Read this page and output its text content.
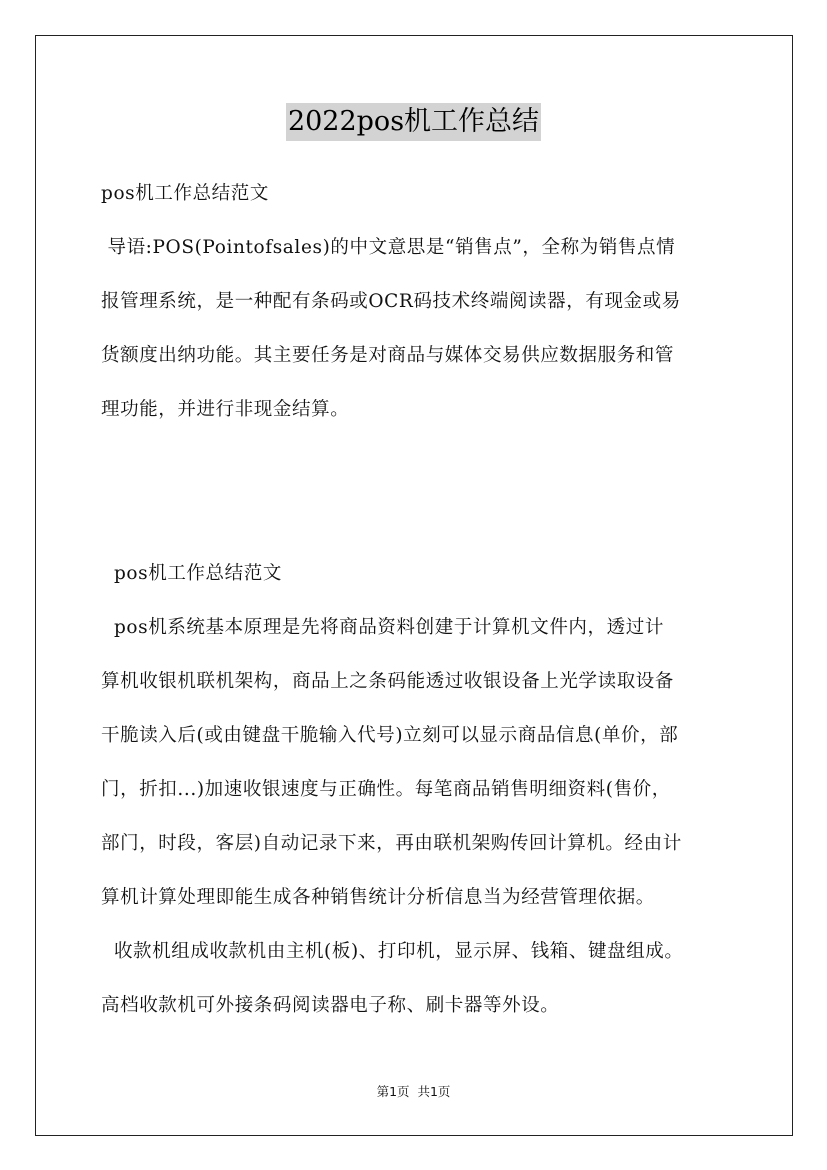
2022pos机工作总结
pos机工作总结范文
导语:POS(Pointofsales)的中文意思是“销售点”，全称为销售点情
报管理系统，是一种配有条码或OCR码技术终端阅读器，有现金或易
货额度出纳功能。其主要任务是对商品与媒体交易供应数据服务和管
理功能，并进行非现金结算。
pos机工作总结范文
pos机系统基本原理是先将商品资料创建于计算机文件内，透过计
算机收银机联机架构，商品上之条码能透过收银设备上光学读取设备
干脆读入后(或由键盘干脆输入代号)立刻可以显示商品信息(单价，部
门，折扣...)加速收银速度与正确性。每笔商品销售明细资料(售价，
部门，时段，客层)自动记录下来，再由联机架购传回计算机。经由计
算机计算处理即能生成各种销售统计分析信息当为经营管理依据。
收款机组成收款机由主机(板)、打印机，显示屏、钱箱、键盘组成。
高档收款机可外接条码阅读器电子称、刷卡器等外设。
第1页 共1页
